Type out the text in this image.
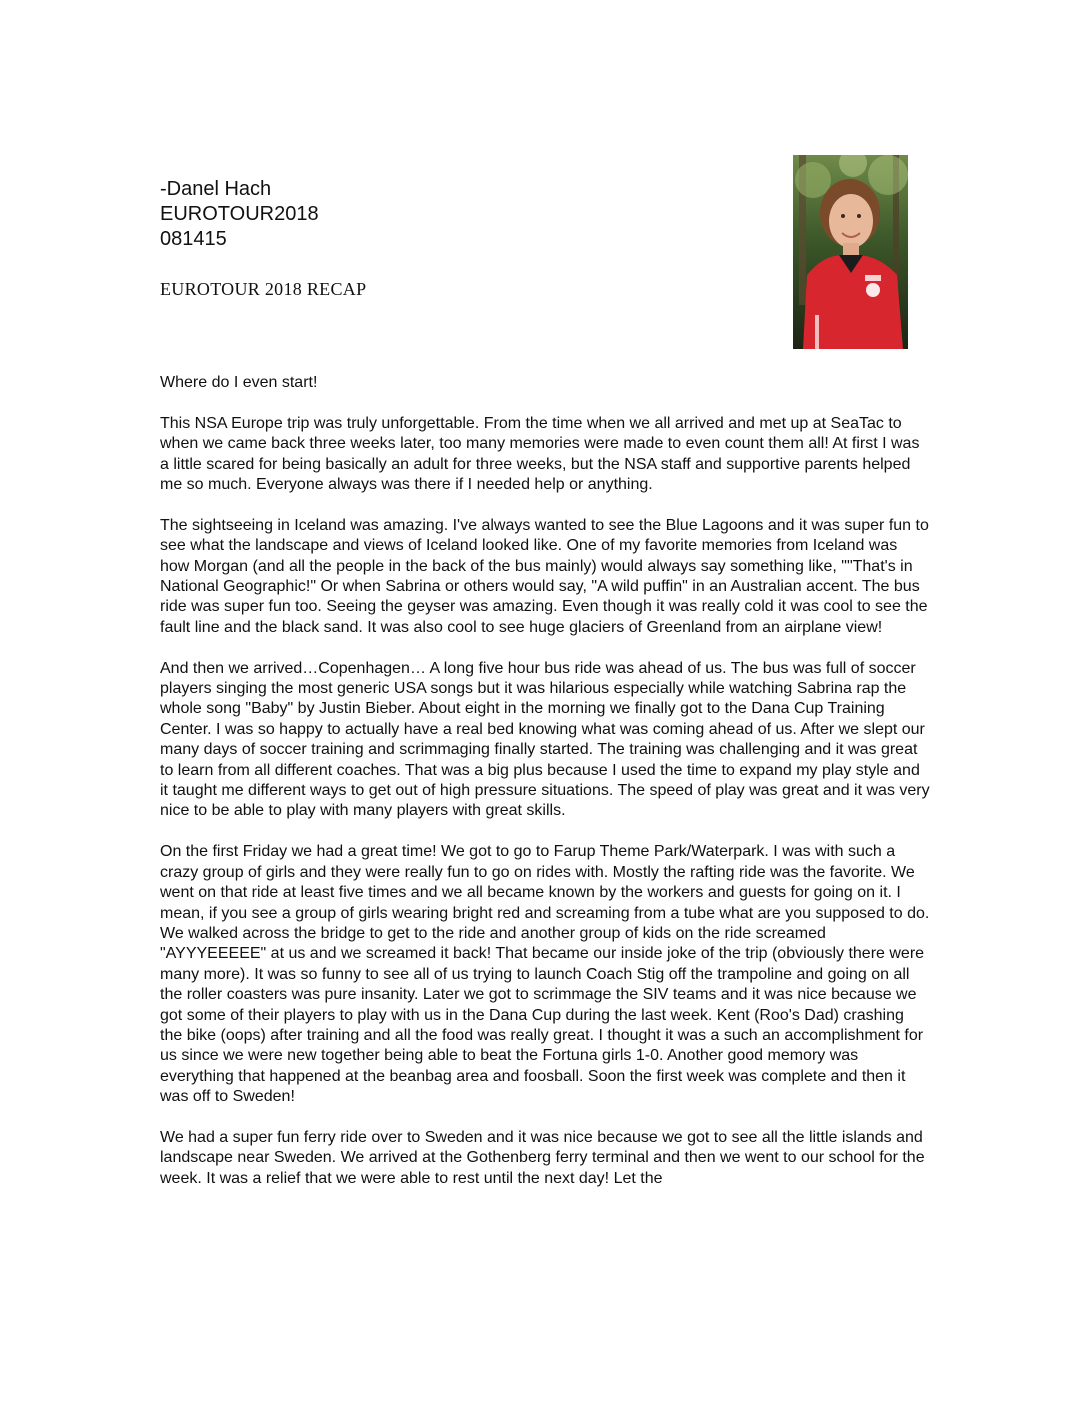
-Danel Hach
EUROTOUR2018
081415
EUROTOUR 2018 RECAP

Where do I even start!

This NSA Europe trip was truly unforgettable. From the time when we all arrived and met up at SeaTac to when we came back three weeks later, too many memories were made to even count them all! At first I was a little scared for being basically an adult for three weeks, but the NSA staff and supportive parents helped me so much. Everyone always was there if I needed help or anything.

The sightseeing in Iceland was amazing. I've always wanted to see the Blue Lagoons and it was super fun to see what the landscape and views of Iceland looked like. One of my favorite memories from Iceland was how Morgan (and all the people in the back of the bus mainly) would always say something like, ""That's in National Geographic!" Or when Sabrina or others would say, "A wild puffin" in an Australian accent. The bus ride was super fun too. Seeing the geyser was amazing. Even though it was really cold it was cool to see the fault line and the black sand. It was also cool to see huge glaciers of Greenland from an airplane view!

And then we arrived…Copenhagen… A long five hour bus ride was ahead of us. The bus was full of soccer players singing the most generic USA songs but it was hilarious especially while watching Sabrina rap the whole song "Baby" by Justin Bieber. About eight in the morning we finally got to the Dana Cup Training Center. I was so happy to actually have a real bed knowing what was coming ahead of us. After we slept our many days of soccer training and scrimmaging finally started. The training was challenging and it was great to learn from all different coaches. That was a big plus because I used the time to expand my play style and it taught me different ways to get out of high pressure situations. The speed of play was great and it was very nice to be able to play with many players with great skills.

On the first Friday we had a great time! We got to go to Farup Theme Park/Waterpark. I was with such a crazy group of girls and they were really fun to go on rides with. Mostly the rafting ride was the favorite. We went on that ride at least five times and we all became known by the workers and guests for going on it. I mean, if you see a group of girls wearing bright red and screaming from a tube what are you supposed to do. We walked across the bridge to get to the ride and another group of kids on the ride screamed "AYYYEEEEE" at us and we screamed it back! That became our inside joke of the trip (obviously there were many more). It was so funny to see all of us trying to launch Coach Stig off the trampoline and going on all the roller coasters was pure insanity. Later we got to scrimmage the SIV teams and it was nice because we got some of their players to play with us in the Dana Cup during the last week. Kent (Roo's Dad) crashing the bike (oops) after training and all the food was really great. I thought it was a such an accomplishment for us since we were new together being able to beat the Fortuna girls 1-0. Another good memory was everything that happened at the beanbag area and foosball. Soon the first week was complete and then it was off to Sweden!

We had a super fun ferry ride over to Sweden and it was nice because we got to see all the little islands and landscape near Sweden. We arrived at the Gothenberg ferry terminal and then we went to our school for the week. It was a relief that we were able to rest until the next day! Let the
